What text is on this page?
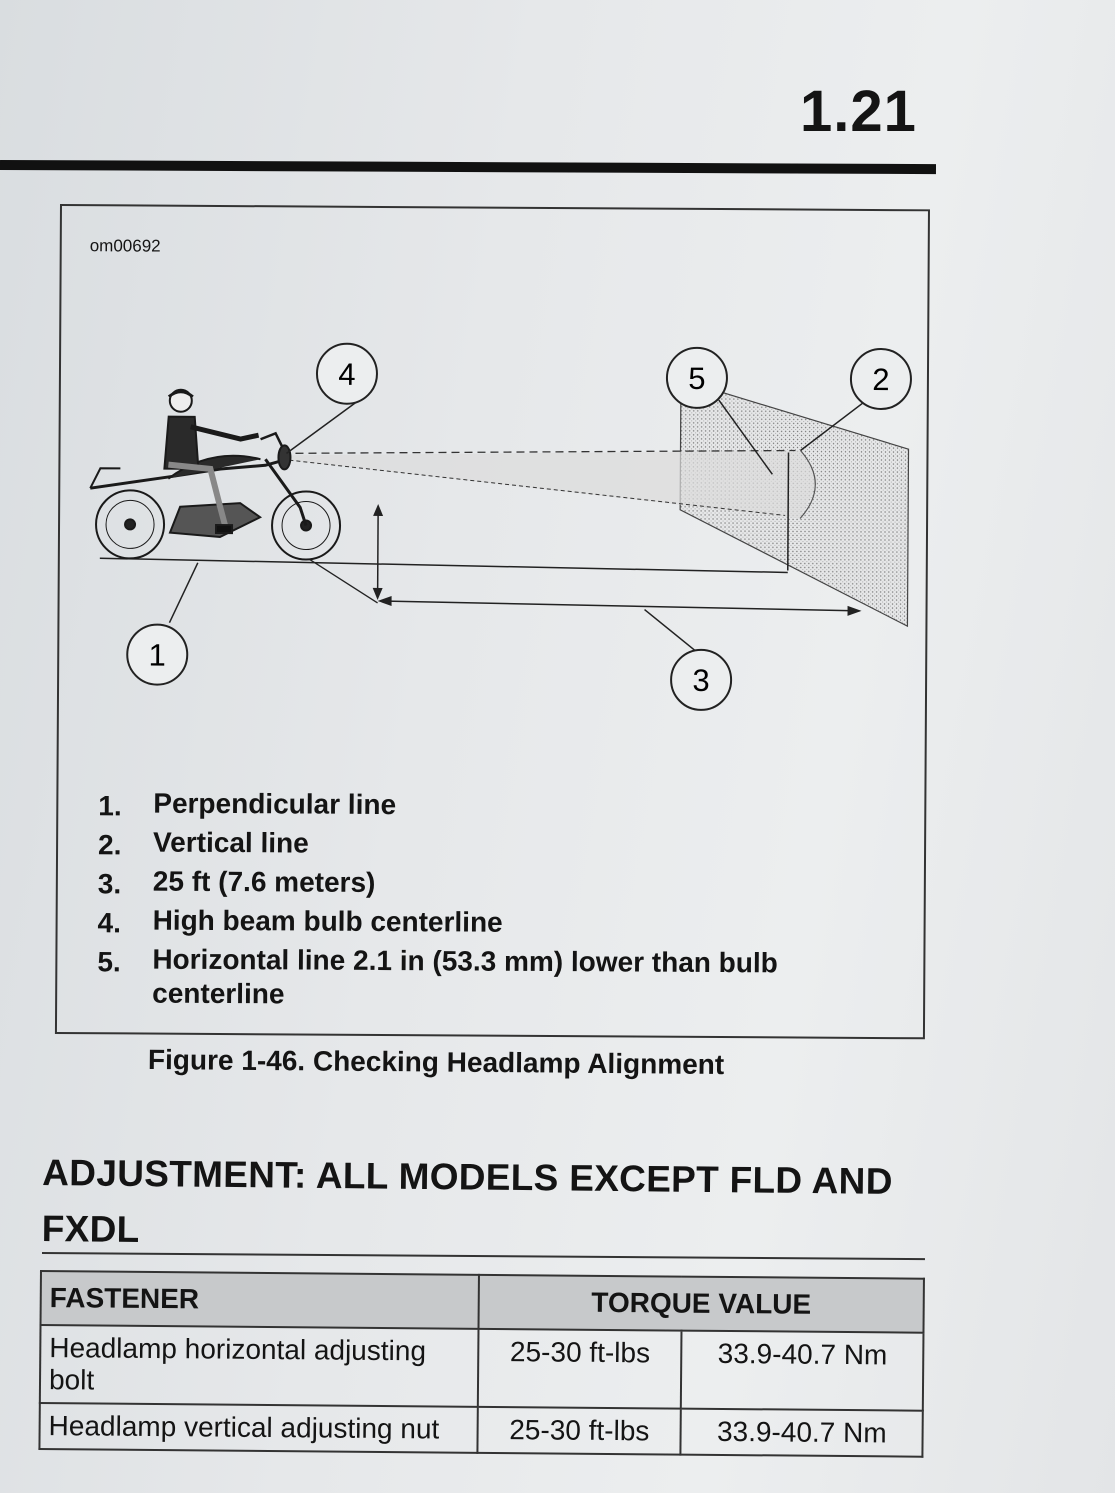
1.21
om00692
4	5	2
1
3
1.	Perpendicular line
2.	Vertical line
3.	25 ft (7.6 meters)
4.	High beam bulb centerline
5.	Horizontal line 2.1 in (53.3 mm) lower than bulb centerline
Figure 1-46. Checking Headlamp Alignment
ADJUSTMENT: ALL MODELS EXCEPT FLD AND FXDL
FASTENER	TORQUE VALUE	
Headlamp horizontal adjusting bolt	25-30 ft-lbs	33.9-40.7 Nm
Headlamp vertical adjusting nut	25-30 ft-lbs	33.9-40.7 Nm
